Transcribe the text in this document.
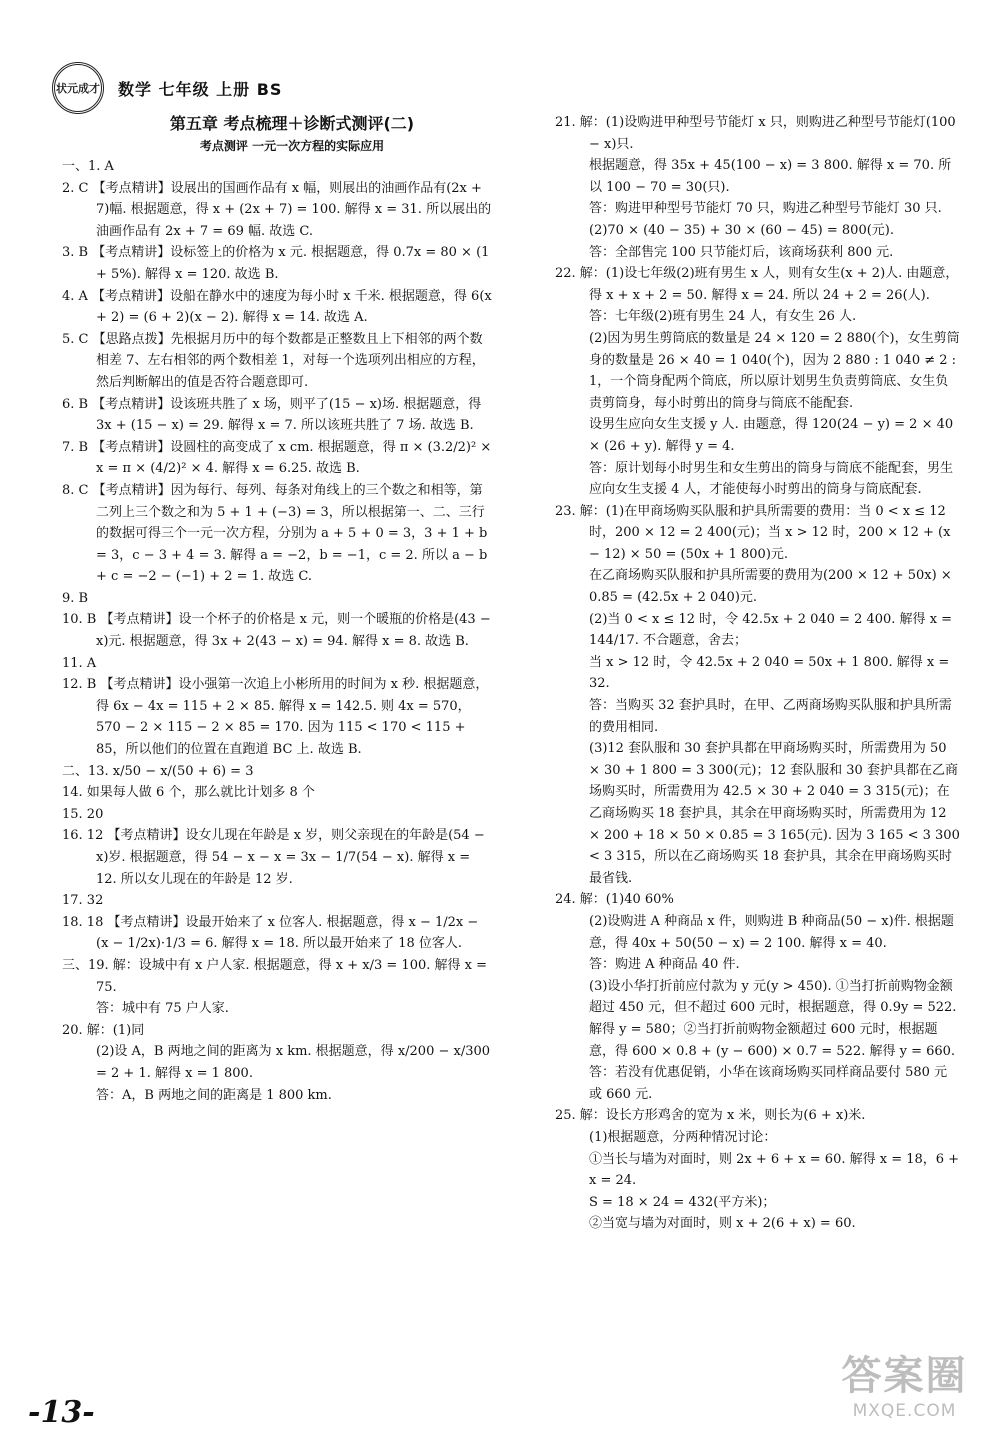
状元成才 数学 七年级 上册 BS
第五章 考点梳理＋诊断式测评(二)
考点测评 一元一次方程的实际应用

一、1. A

2. C 【考点精讲】设展出的国画作品有 x 幅，则展出的油画作品有(2x + 7)幅. 根据题意，得 x + (2x + 7) = 100. 解得 x = 31. 所以展出的油画作品有 2x + 7 = 69 幅. 故选 C.

3. B 【考点精讲】设标签上的价格为 x 元. 根据题意，得 0.7x = 80 × (1 + 5%). 解得 x = 120. 故选 B.

4. A 【考点精讲】设船在静水中的速度为每小时 x 千米. 根据题意，得 6(x + 2) = (6 + 2)(x − 2). 解得 x = 14. 故选 A.

5. C 【思路点拨】先根据月历中的每个数都是正整数且上下相邻的两个数相差 7、左右相邻的两个数相差 1，对每一个选项列出相应的方程，然后判断解出的值是否符合题意即可.

6. B 【考点精讲】设该班共胜了 x 场，则平了(15 − x)场. 根据题意，得 3x + (15 − x) = 29. 解得 x = 7. 所以该班共胜了 7 场. 故选 B.

7. B 【考点精讲】设圆柱的高变成了 x cm. 根据题意，得 π × (3.2/2)² × x = π × (4/2)² × 4. 解得 x = 6.25. 故选 B.

8. C 【考点精讲】因为每行、每列、每条对角线上的三个数之和相等，第二列上三个数之和为 5 + 1 + (−3) = 3，所以根据第一、二、三行的数据可得三个一元一次方程，分别为 a + 5 + 0 = 3，3 + 1 + b = 3，c − 3 + 4 = 3. 解得 a = −2，b = −1，c = 2. 所以 a − b + c = −2 − (−1) + 2 = 1. 故选 C.

9. B

10. B 【考点精讲】设一个杯子的价格是 x 元，则一个暖瓶的价格是(43 − x)元. 根据题意，得 3x + 2(43 − x) = 94. 解得 x = 8. 故选 B.

11. A

12. B 【考点精讲】设小强第一次追上小彬所用的时间为 x 秒. 根据题意，得 6x − 4x = 115 + 2 × 85. 解得 x = 142.5. 则 4x = 570，570 − 2 × 115 − 2 × 85 = 170. 因为 115 < 170 < 115 + 85，所以他们的位置在直跑道 BC 上. 故选 B.

二、13. x/50 − x/(50 + 6) = 3

14. 如果每人做 6 个，那么就比计划多 8 个

15. 20

16. 12 【考点精讲】设女儿现在年龄是 x 岁，则父亲现在的年龄是(54 − x)岁. 根据题意，得 54 − x − x = 3x − 1/7(54 − x). 解得 x = 12. 所以女儿现在的年龄是 12 岁.

17. 32

18. 18 【考点精讲】设最开始来了 x 位客人. 根据题意，得 x − 1/2x − (x − 1/2x)·1/3 = 6. 解得 x = 18. 所以最开始来了 18 位客人.

三、19. 解：设城中有 x 户人家. 根据题意，得 x + x/3 = 100. 解得 x = 75.

答：城中有 75 户人家.

20. 解：(1)同

(2)设 A，B 两地之间的距离为 x km. 根据题意，得 x/200 − x/300 = 2 + 1. 解得 x = 1 800.

答：A，B 两地之间的距离是 1 800 km.

21. 解：(1)设购进甲种型号节能灯 x 只，则购进乙种型号节能灯(100 − x)只.

根据题意，得 35x + 45(100 − x) = 3 800. 解得 x = 70. 所以 100 − 70 = 30(只).

答：购进甲种型号节能灯 70 只，购进乙种型号节能灯 30 只.

(2)70 × (40 − 35) + 30 × (60 − 45) = 800(元).

答：全部售完 100 只节能灯后，该商场获利 800 元.

22. 解：(1)设七年级(2)班有男生 x 人，则有女生(x + 2)人. 由题意，得 x + x + 2 = 50. 解得 x = 24. 所以 24 + 2 = 26(人).

答：七年级(2)班有男生 24 人，有女生 26 人.

(2)因为男生剪筒底的数量是 24 × 120 = 2 880(个)，女生剪筒身的数量是 26 × 40 = 1 040(个)，因为 2 880 : 1 040 ≠ 2 : 1，一个筒身配两个筒底，所以原计划男生负责剪筒底、女生负责剪筒身，每小时剪出的筒身与筒底不能配套.

设男生应向女生支援 y 人. 由题意，得 120(24 − y) = 2 × 40 × (26 + y). 解得 y = 4.

答：原计划每小时男生和女生剪出的筒身与筒底不能配套，男生应向女生支援 4 人，才能使每小时剪出的筒身与筒底配套.

23. 解：(1)在甲商场购买队服和护具所需要的费用：当 0 < x ≤ 12 时，200 × 12 = 2 400(元)；当 x > 12 时，200 × 12 + (x − 12) × 50 = (50x + 1 800)元.

在乙商场购买队服和护具所需要的费用为(200 × 12 + 50x) × 0.85 = (42.5x + 2 040)元.

(2)当 0 < x ≤ 12 时，令 42.5x + 2 040 = 2 400. 解得 x = 144/17. 不合题意，舍去；

当 x > 12 时，令 42.5x + 2 040 = 50x + 1 800. 解得 x = 32.

答：当购买 32 套护具时，在甲、乙两商场购买队服和护具所需的费用相同.

(3)12 套队服和 30 套护具都在甲商场购买时，所需费用为 50 × 30 + 1 800 = 3 300(元)；12 套队服和 30 套护具都在乙商场购买时，所需费用为 42.5 × 30 + 2 040 = 3 315(元)；在乙商场购买 18 套护具，其余在甲商场购买时，所需费用为 12 × 200 + 18 × 50 × 0.85 = 3 165(元). 因为 3 165 < 3 300 < 3 315，所以在乙商场购买 18 套护具，其余在甲商场购买时最省钱.

24. 解：(1)40 60%

(2)设购进 A 种商品 x 件，则购进 B 种商品(50 − x)件. 根据题意，得 40x + 50(50 − x) = 2 100. 解得 x = 40.

答：购进 A 种商品 40 件.

(3)设小华打折前应付款为 y 元(y > 450). ①当打折前购物金额超过 450 元，但不超过 600 元时，根据题意，得 0.9y = 522. 解得 y = 580；②当打折前购物金额超过 600 元时，根据题意，得 600 × 0.8 + (y − 600) × 0.7 = 522. 解得 y = 660.

答：若没有优惠促销，小华在该商场购买同样商品要付 580 元或 660 元.

25. 解：设长方形鸡舍的宽为 x 米，则长为(6 + x)米.

(1)根据题意，分两种情况讨论：

①当长与墙为对面时，则 2x + 6 + x = 60. 解得 x = 18，6 + x = 24.

S = 18 × 24 = 432(平方米)；

②当宽与墙为对面时，则 x + 2(6 + x) = 60.

-13-
答案圈
MXQE.COM
